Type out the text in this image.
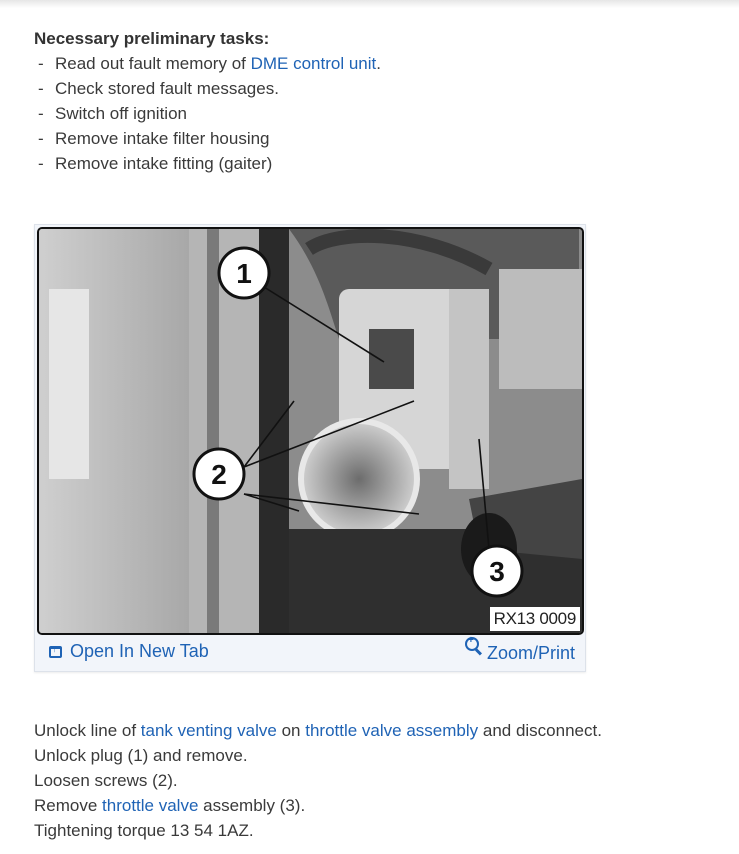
Necessary preliminary tasks:
- Read out fault memory of DME control unit.
- Check stored fault messages.
- Switch off ignition
- Remove intake filter housing
- Remove intake fitting (gaiter)
1
2
3
RX13 0009
↑
Open In New Tab +	Zoom/Print

Unlock line of tank venting valve on throttle valve assembly and disconnect.

Unlock plug (1) and remove.

Loosen screws (2).

Remove throttle valve assembly (3).

Tightening torque 13 54 1AZ.
